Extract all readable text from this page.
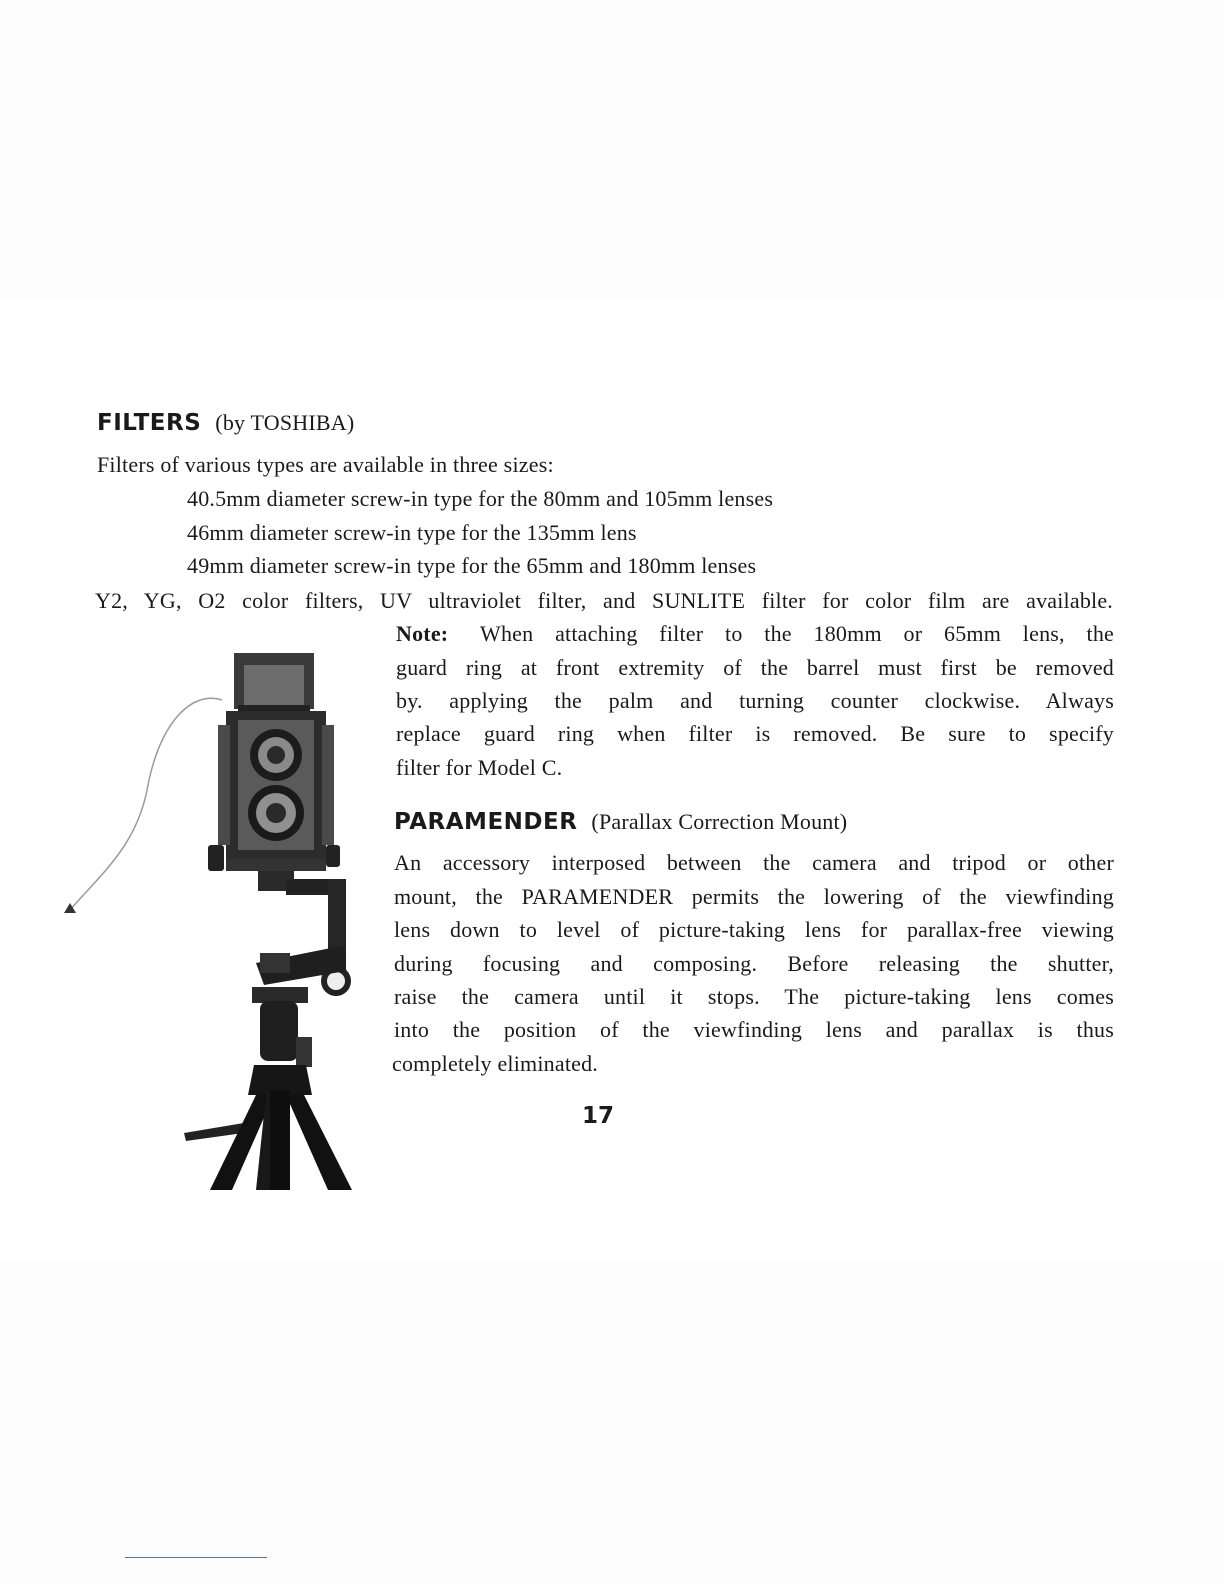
FILTERS (by TOSHIBA)
Filters of various types are available in three sizes:
40.5mm diameter screw-in type for the 80mm and 105mm lenses
46mm diameter screw-in type for the 135mm lens
49mm diameter screw-in type for the 65mm and 180mm lenses
Y2, YG, O2 color filters, UV ultraviolet filter, and SUNLITE filter for color film are available.
Note: When attaching filter to the 180mm or 65mm lens, the
guard ring at front extremity of the barrel must first be removed
by. applying the palm and turning counter clockwise. Always
replace guard ring when filter is removed. Be sure to specify
filter for Model C.
PARAMENDER (Parallax Correction Mount)
An accessory interposed between the camera and tripod or other
mount, the PARAMENDER permits the lowering of the viewfinding
lens down to level of picture-taking lens for parallax-free viewing
during focusing and composing. Before releasing the shutter,
raise the camera until it stops. The picture-taking lens comes
into the position of the viewfinding lens and parallax is thus
completely eliminated.
17
